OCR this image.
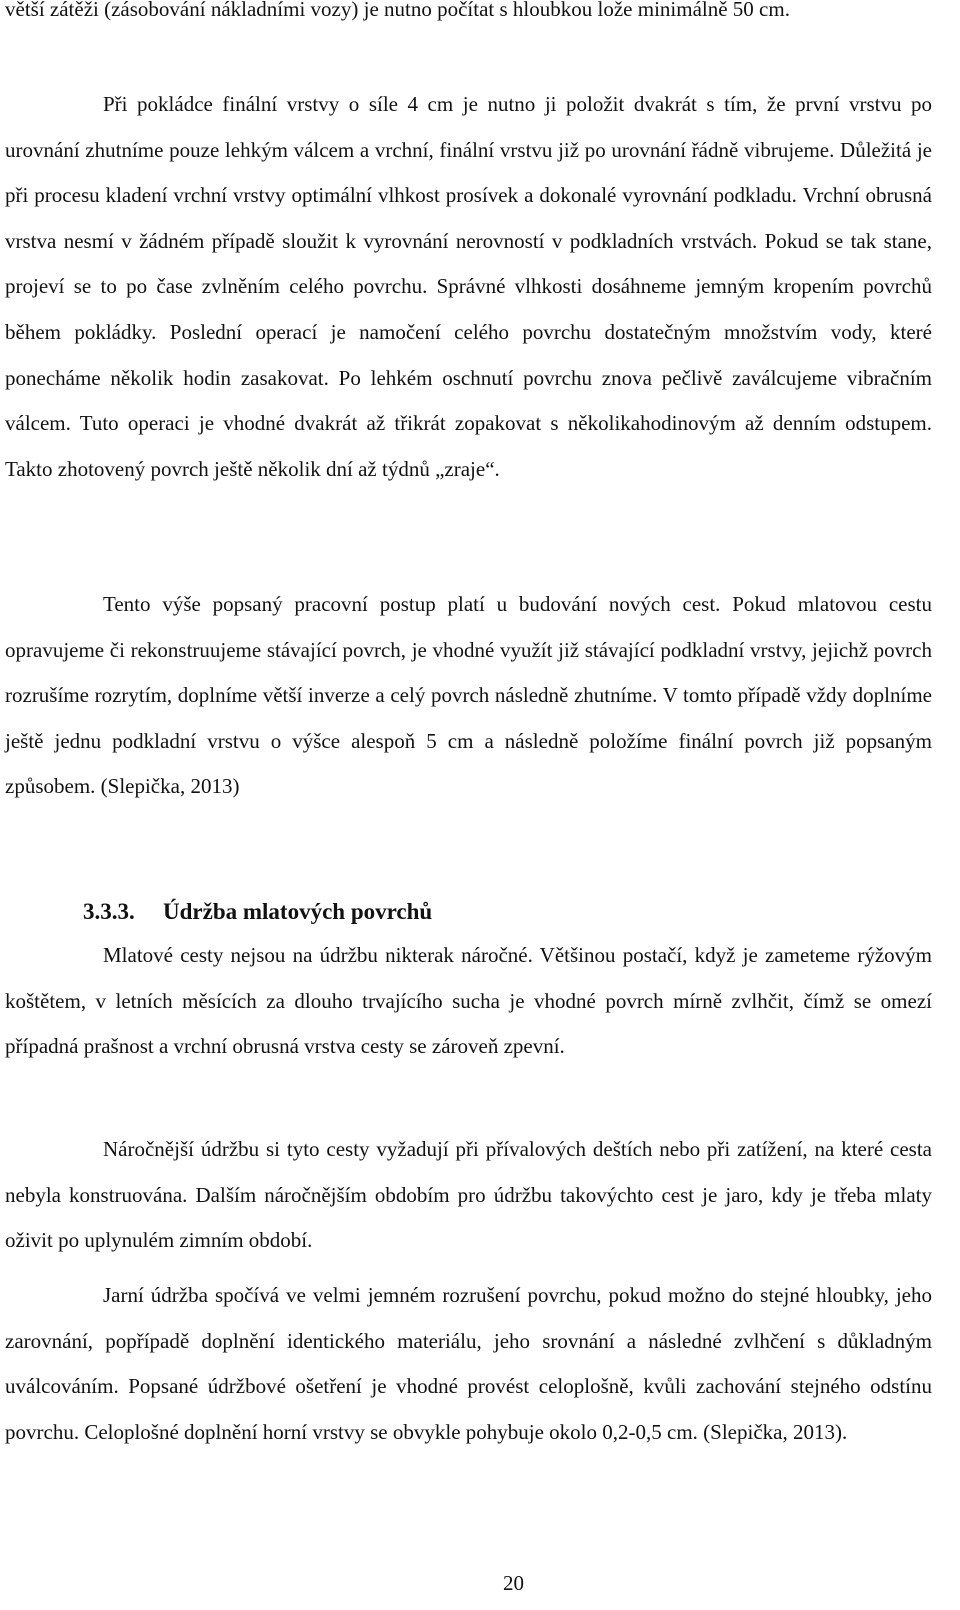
větší zátěži (zásobování nákladními vozy) je nutno počítat s hloubkou lože minimálně 50 cm.

Při pokládce finální vrstvy o síle 4 cm je nutno ji položit dvakrát s tím, že první vrstvu po urovnání zhutníme pouze lehkým válcem a vrchní, finální vrstvu již po urovnání řádně vibrujeme. Důležitá je při procesu kladení vrchní vrstvy optimální vlhkost prosívek a dokonalé vyrovnání podkladu. Vrchní obrusná vrstva nesmí v žádném případě sloužit k vyrovnání nerovností v podkladních vrstvách. Pokud se tak stane, projeví se to po čase zvlněním celého povrchu. Správné vlhkosti dosáhneme jemným kropením povrchů během pokládky. Poslední operací je namočení celého povrchu dostatečným množstvím vody, které ponecháme několik hodin zasakovat. Po lehkém oschnutí povrchu znova pečlivě zaválcujeme vibračním válcem. Tuto operaci je vhodné dvakrát až třikrát zopakovat s několikahodinovým až denním odstupem. Takto zhotovený povrch ještě několik dní až týdnů „zraje“.

Tento výše popsaný pracovní postup platí u budování nových cest. Pokud mlatovou cestu opravujeme či rekonstruujeme stávající povrch, je vhodné využít již stávající podkladní vrstvy, jejichž povrch rozrušíme rozrytím, doplníme větší inverze a celý povrch následně zhutníme. V tomto případě vždy doplníme ještě jednu podkladní vrstvu o výšce alespoň 5 cm a následně položíme finální povrch již popsaným způsobem. (Slepička, 2013)

3.3.3. Údržba mlatových povrchů

Mlatové cesty nejsou na údržbu nikterak náročné. Většinou postačí, když je zameteme rýžovým koštětem, v letních měsících za dlouho trvajícího sucha je vhodné povrch mírně zvlhčit, čímž se omezí případná prašnost a vrchní obrusná vrstva cesty se zároveň zpevní.

Náročnější údržbu si tyto cesty vyžadují při přívalových deštích nebo při zatížení, na které cesta nebyla konstruována. Dalším náročnějším obdobím pro údržbu takovýchto cest je jaro, kdy je třeba mlaty oživit po uplynulém zimním období.

Jarní údržba spočívá ve velmi jemném rozrušení povrchu, pokud možno do stejné hloubky, jeho zarovnání, popřípadě doplnění identického materiálu, jeho srovnání a následné zvlhčení s důkladným uválcováním. Popsané údržbové ošetření je vhodné provést celoplošně, kvůli zachování stejného odstínu povrchu. Celoplošné doplnění horní vrstvy se obvykle pohybuje okolo 0,2-0,5 cm. (Slepička, 2013).

20
